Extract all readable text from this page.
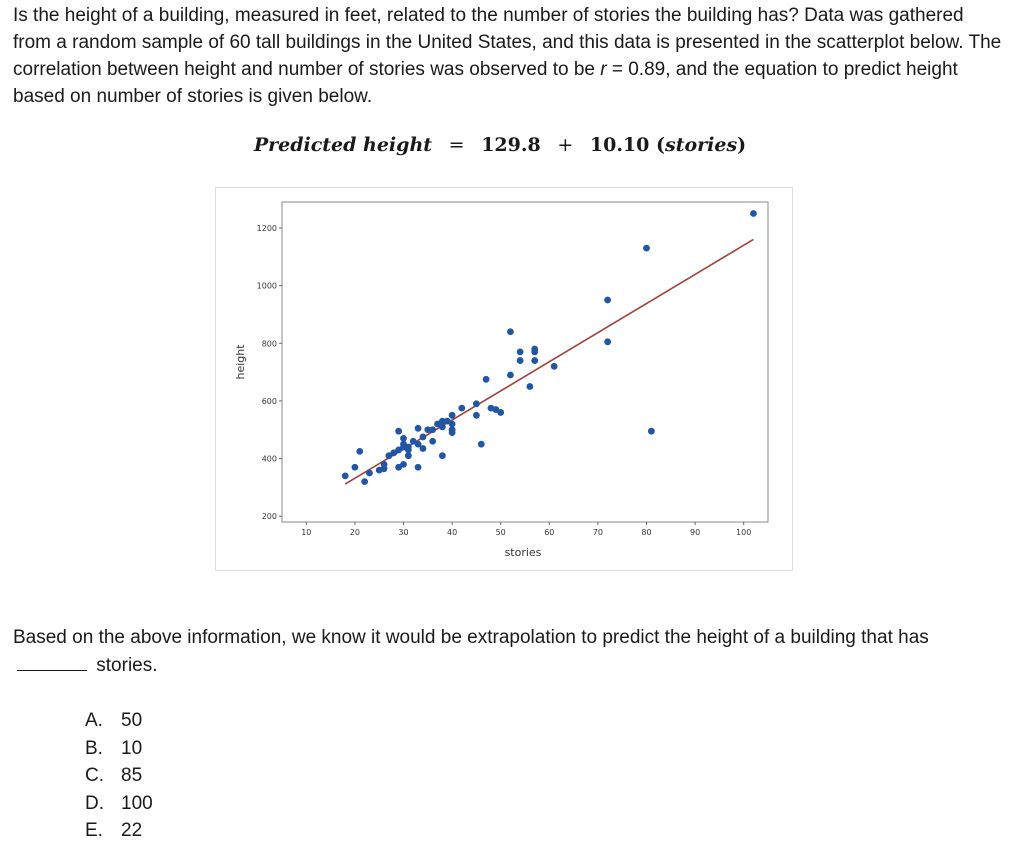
Is the height of a building, measured in feet, related to the number of stories the building has? Data was gathered from a random sample of 60 tall buildings in the United States, and this data is presented in the scatterplot below. The correlation between height and number of stories was observed to be r = 0.89, and the equation to predict height based on number of stories is given below.

Predicted height = 129.8 + 10.10 (stories)
10	20	30	40	50	60	70	80	90	100
200
400
600
800
1000
1200
stories
height

Based on the above information, we know it would be extrapolation to predict the height of a building that has  stories.

A. 50
B. 10
C. 85
D. 100
E. 22
